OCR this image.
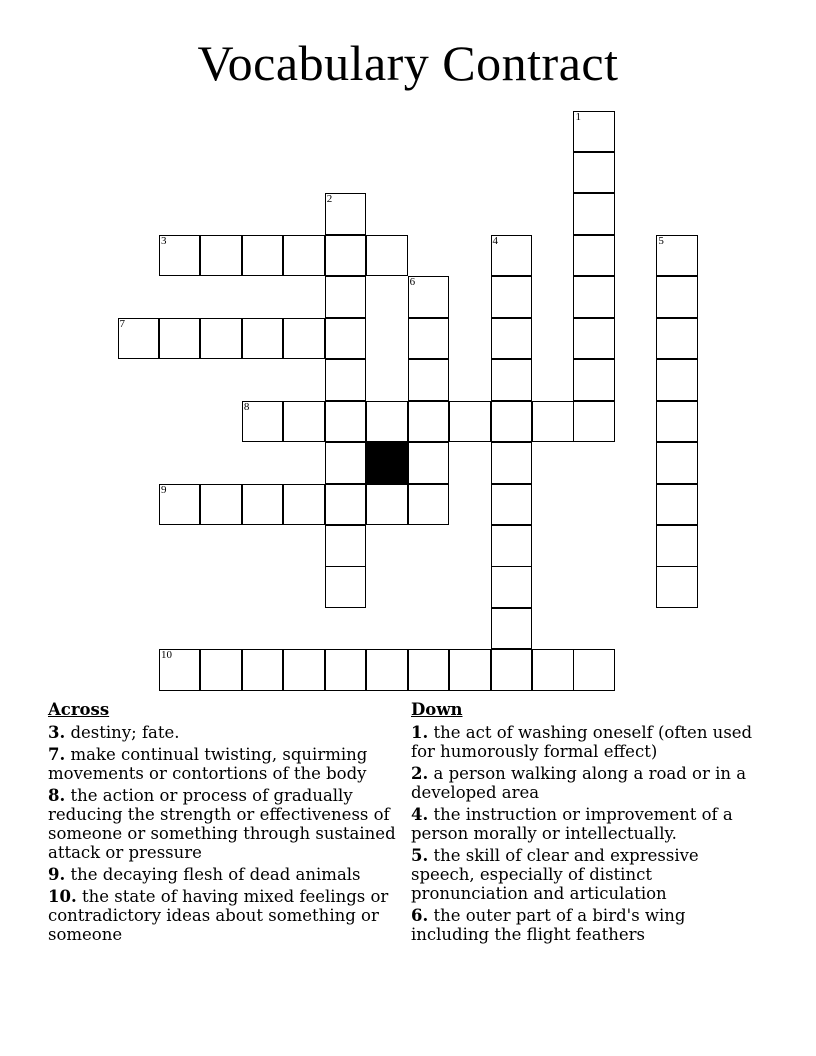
Vocabulary Contract
1
2
3	4	5
6
7
8
9
10
Across
3. destiny; fate.
7. make continual twisting, squirming movements or contortions of the body
8. the action or process of gradually reducing the strength or effectiveness of someone or something through sustained attack or pressure
9. the decaying flesh of dead animals
10. the state of having mixed feelings or contradictory ideas about something or someone
Down
1. the act of washing oneself (often used for humorously formal effect)
2. a person walking along a road or in a developed area
4. the instruction or improvement of a person morally or intellectually.
5. the skill of clear and expressive speech, especially of distinct pronunciation and articulation
6. the outer part of a bird's wing including the flight feathers
